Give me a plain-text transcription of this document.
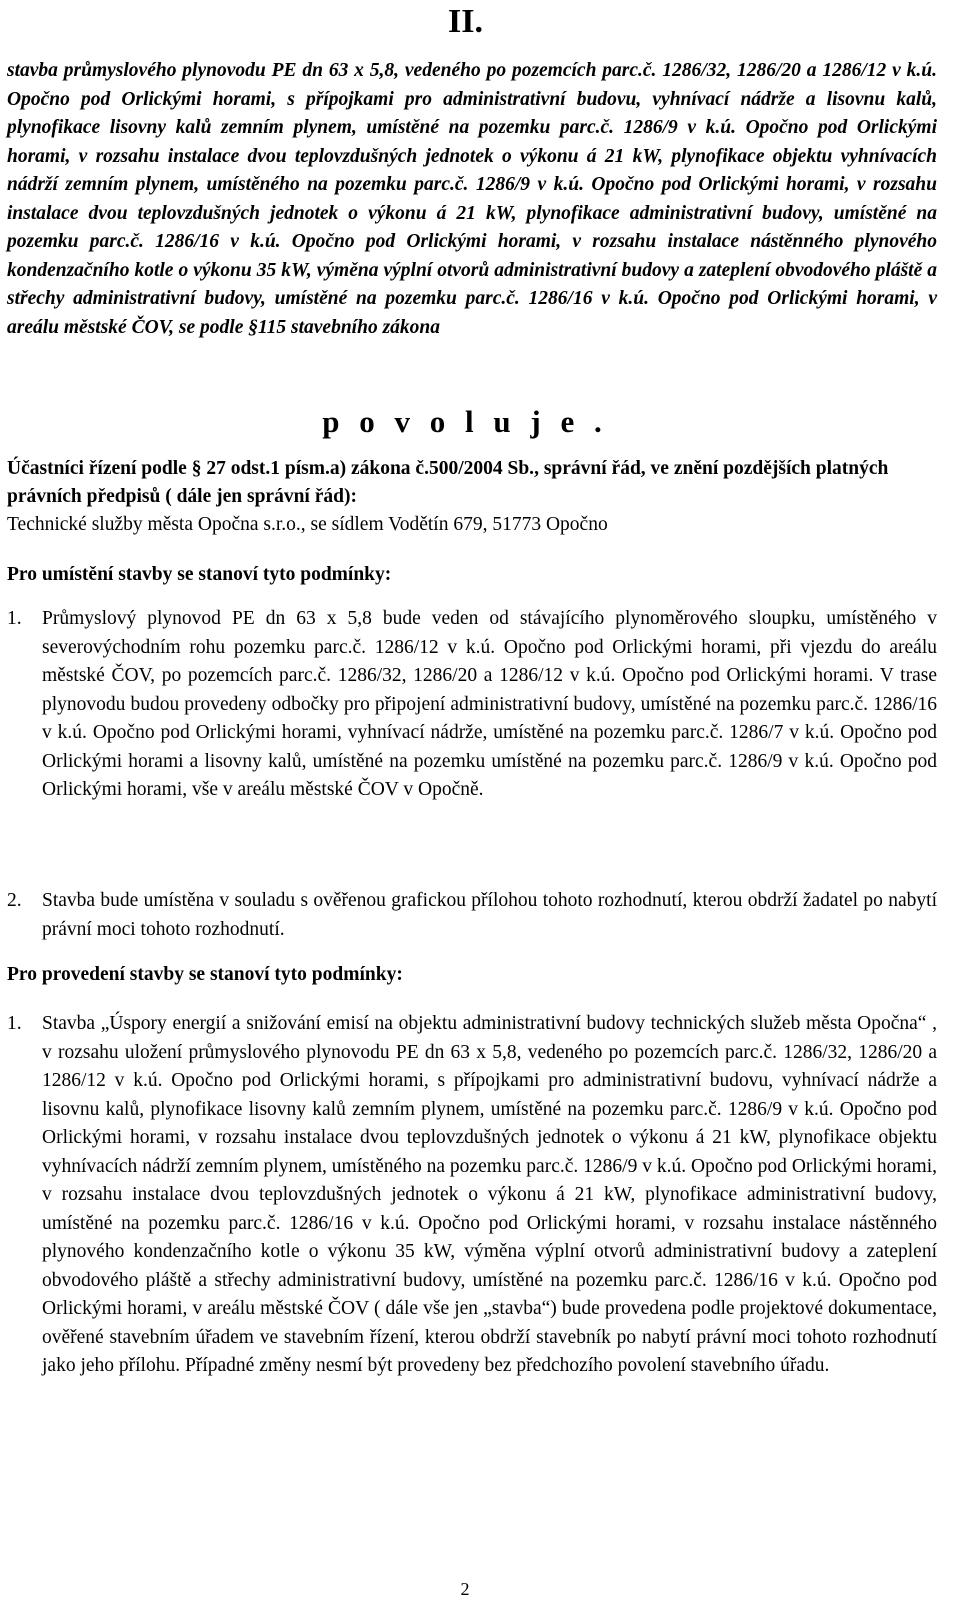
II.

stavba průmyslového plynovodu PE dn 63 x 5,8, vedeného po pozemcích parc.č. 1286/32, 1286/20 a 1286/12 v k.ú. Opočno pod Orlickými horami, s přípojkami pro administrativní budovu, vyhnívací nádrže a lisovnu kalů, plynofikace lisovny kalů zemním plynem, umístěné na pozemku parc.č. 1286/9 v k.ú. Opočno pod Orlickými horami, v rozsahu instalace dvou teplovzdušných jednotek o výkonu á 21 kW, plynofikace objektu vyhnívacích nádrží zemním plynem, umístěného na pozemku parc.č. 1286/9 v k.ú. Opočno pod Orlickými horami, v rozsahu instalace dvou teplovzdušných jednotek o výkonu á 21 kW, plynofikace administrativní budovy, umístěné na pozemku parc.č. 1286/16 v k.ú. Opočno pod Orlickými horami, v rozsahu instalace nástěnného plynového kondenzačního kotle o výkonu 35 kW, výměna výplní otvorů administrativní budovy a zateplení obvodového pláště a střechy administrativní budovy, umístěné na pozemku parc.č. 1286/16 v k.ú. Opočno pod Orlickými horami, v areálu městské ČOV, se podle §115 stavebního zákona

p o v o l u j e .

Účastníci řízení podle § 27 odst.1 písm.a) zákona č.500/2004 Sb., správní řád, ve znění pozdějších platných právních předpisů ( dále jen správní řád):
Technické služby města Opočna s.r.o., se sídlem Vodětín 679, 51773 Opočno

Pro umístění stavby se stanoví tyto podmínky:

1. Průmyslový plynovod PE dn 63 x 5,8 bude veden od stávajícího plynoměrového sloupku, umístěného v severovýchodním rohu pozemku parc.č. 1286/12 v k.ú. Opočno pod Orlickými horami, při vjezdu do areálu městské ČOV, po pozemcích parc.č. 1286/32, 1286/20 a 1286/12 v k.ú. Opočno pod Orlickými horami. V trase plynovodu budou provedeny odbočky pro připojení administrativní budovy, umístěné na pozemku parc.č. 1286/16 v k.ú. Opočno pod Orlickými horami, vyhnívací nádrže, umístěné na pozemku parc.č. 1286/7 v k.ú. Opočno pod Orlickými horami a lisovny kalů, umístěné na pozemku umístěné na pozemku parc.č. 1286/9 v k.ú. Opočno pod Orlickými horami, vše v areálu městské ČOV v Opočně.
2. Stavba bude umístěna v souladu s ověřenou grafickou přílohou tohoto rozhodnutí, kterou obdrží žadatel po nabytí právní moci tohoto rozhodnutí.

Pro provedení stavby se stanoví tyto podmínky:

1. Stavba „Úspory energií a snižování emisí na objektu administrativní budovy technických služeb města Opočna“ , v rozsahu uložení průmyslového plynovodu PE dn 63 x 5,8, vedeného po pozemcích parc.č. 1286/32, 1286/20 a 1286/12 v k.ú. Opočno pod Orlickými horami, s přípojkami pro administrativní budovu, vyhnívací nádrže a lisovnu kalů, plynofikace lisovny kalů zemním plynem, umístěné na pozemku parc.č. 1286/9 v k.ú. Opočno pod Orlickými horami, v rozsahu instalace dvou teplovzdušných jednotek o výkonu á 21 kW, plynofikace objektu vyhnívacích nádrží zemním plynem, umístěného na pozemku parc.č. 1286/9 v k.ú. Opočno pod Orlickými horami, v rozsahu instalace dvou teplovzdušných jednotek o výkonu á 21 kW, plynofikace administrativní budovy, umístěné na pozemku parc.č. 1286/16 v k.ú. Opočno pod Orlickými horami, v rozsahu instalace nástěnného plynového kondenzačního kotle o výkonu 35 kW, výměna výplní otvorů administrativní budovy a zateplení obvodového pláště a střechy administrativní budovy, umístěné na pozemku parc.č. 1286/16 v k.ú. Opočno pod Orlickými horami, v areálu městské ČOV ( dále vše jen „stavba“) bude provedena podle projektové dokumentace, ověřené stavebním úřadem ve stavebním řízení, kterou obdrží stavebník po nabytí právní moci tohoto rozhodnutí jako jeho přílohu. Případné změny nesmí být provedeny bez předchozího povolení stavebního úřadu.
2
